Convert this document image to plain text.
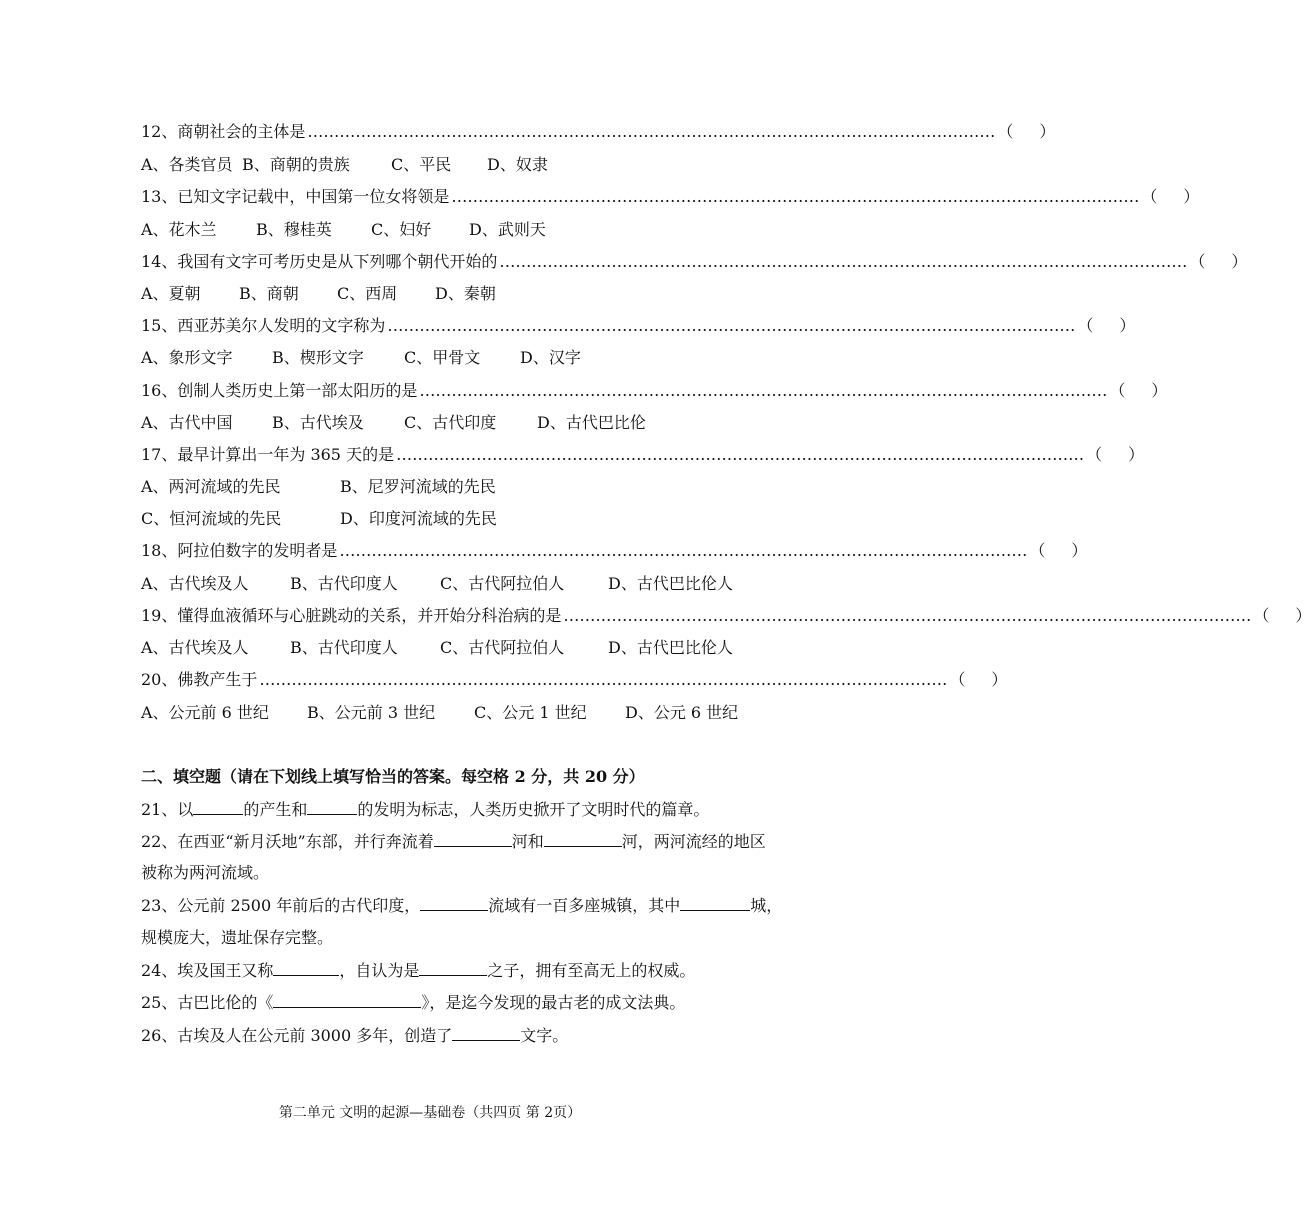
12、商朝社会的主体是 ………………………………………………………………………………………………………………… （ ）
A、各类官员 B、商朝的贵族	C、平民 D、奴隶
13、已知文字记载中，中国第一位女将领是 ………………………………………………………………………………………………………………… （ ）
A、花木兰 B、穆桂英 C、妇好 D、武则天
14、我国有文字可考历史是从下列哪个朝代开始的 ………………………………………………………………………………………………………………… （ ）
A、夏朝 B、商朝 C、西周 D、秦朝
15、西亚苏美尔人发明的文字称为 ………………………………………………………………………………………………………………… （ ）
A、象形文字 B、楔形文字	C、甲骨文 D、汉字
16、创制人类历史上第一部太阳历的是 ………………………………………………………………………………………………………………… （ ）
A、古代中国 B、古代埃及	C、古代印度	D、古代巴比伦
17、最早计算出一年为 365 天的是 ………………………………………………………………………………………………………………… （ ）
A、两河流域的先民	B、尼罗河流域的先民
C、恒河流域的先民	D、印度河流域的先民
18、阿拉伯数字的发明者是 ………………………………………………………………………………………………………………… （ ）
A、古代埃及人	B、古代印度人	C、古代阿拉伯人	D、古代巴比伦人
19、懂得血液循环与心脏跳动的关系，并开始分科治病的是 ………………………………………………………………………………………………………………… （ ）
A、古代埃及人	B、古代印度人	C、古代阿拉伯人	D、古代巴比伦人
20、佛教产生于 ………………………………………………………………………………………………………………… （ ）
A、公元前 6 世纪 B、公元前 3 世纪 C、公元 1 世纪 D、公元 6 世纪
二、填空题（请在下划线上填写恰当的答案。每空格 2 分，共 20 分）
21、以	的产生和	的发明为标志，人类历史掀开了文明时代的篇章。
22、在西亚“新月沃地”东部，并行奔流着	河和	河，两河流经的地区
被称为两河流域。
23、公元前 2500 年前后的古代印度，	流域有一百多座城镇，其中	城，
规模庞大，遗址保存完整。
24、埃及国王又称	，自认为是	之子，拥有至高无上的权威。
25、古巴比伦的《	》，是迄今发现的最古老的成文法典。
26、古埃及人在公元前 3000 多年，创造了	文字。
第二单元 文明的起源—基础卷（共四页 第 2页）
